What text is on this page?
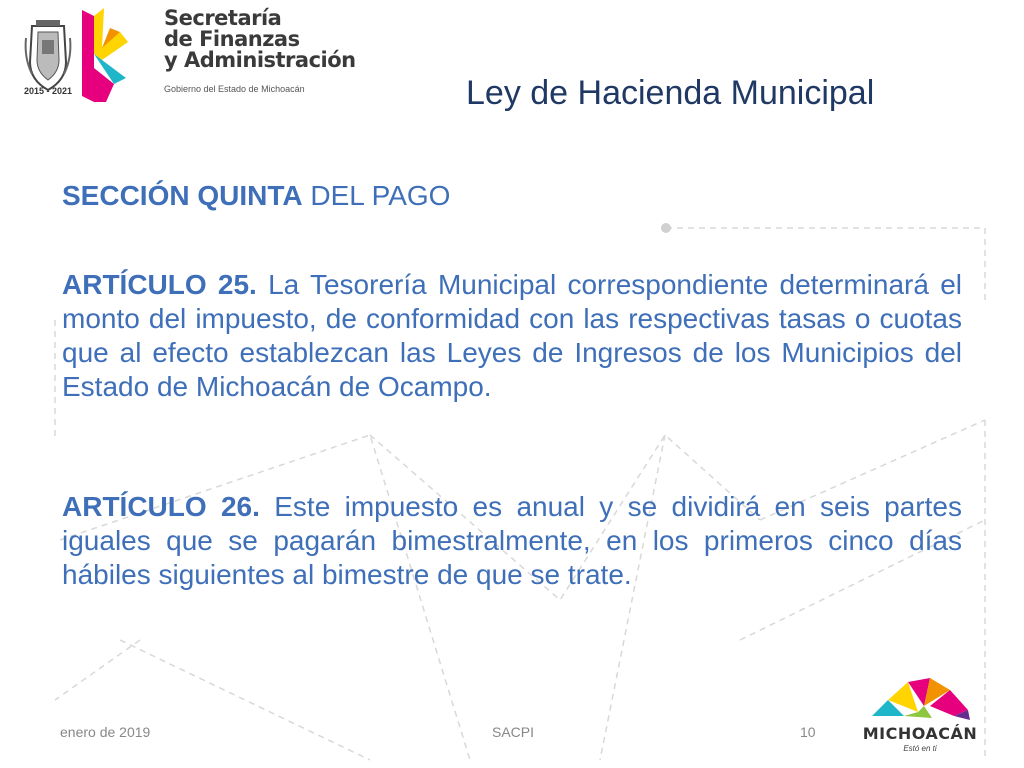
2015 - 2021
Secretaría
de Finanzas
y Administración
Gobierno del Estado de Michoacán	Ley de Hacienda Municipal
SECCIÓN QUINTA DEL PAGO
ARTÍCULO 25. La Tesorería Municipal correspondiente determinará el monto del impuesto, de conformidad con las respectivas tasas o cuotas que al efecto establezcan las Leyes de Ingresos de los Municipios del Estado de Michoacán de Ocampo.
ARTÍCULO 26. Este impuesto es anual y se dividirá en seis partes iguales que se pagarán bimestralmente, en los primeros cinco días hábiles siguientes al bimestre de que se trate.
enero de 2019	SACPI	10	MICHOACÁN
Estó en ti
